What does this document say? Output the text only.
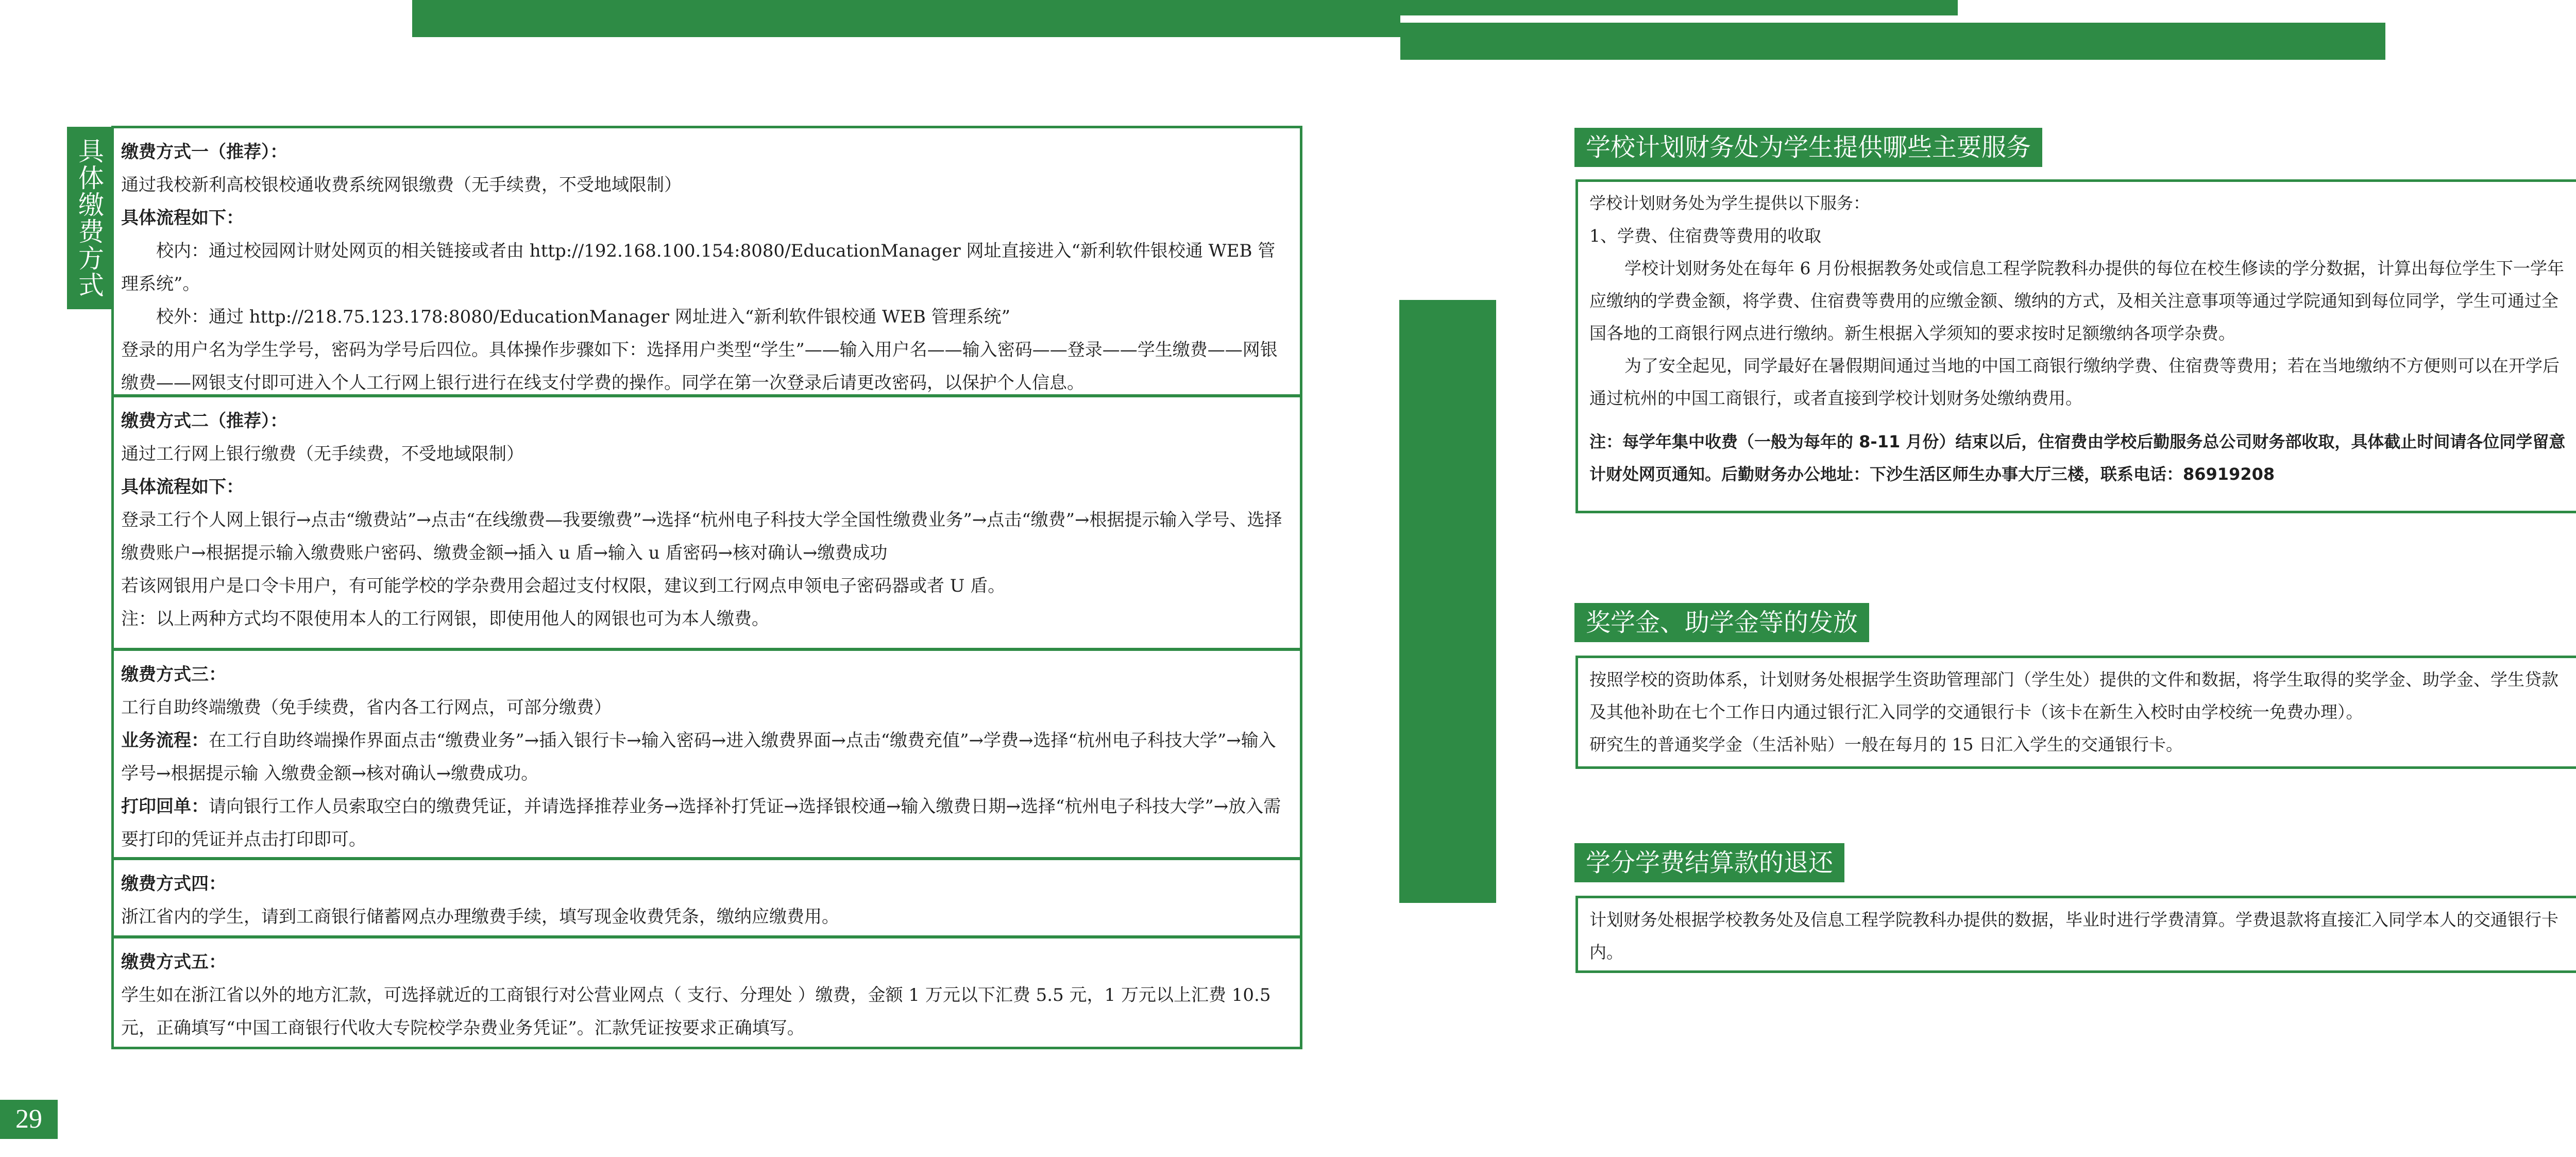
29
具体缴费方式 缴费方式一（推荐）：
通过我校新利高校银校通收费系统网银缴费（无手续费，不受地域限制）
具体流程如下：
校内：通过校园网计财处网页的相关链接或者由 http://192.168.100.154:8080/EducationManager 网址直接进入“新利软件银校通 WEB 管理系统”。
校外：通过 http://218.75.123.178:8080/EducationManager 网址进入“新利软件银校通 WEB 管理系统”
登录的用户名为学生学号，密码为学号后四位。具体操作步骤如下：选择用户类型“学生”——输入用户名——输入密码——登录——学生缴费——网银缴费——网银支付即可进入个人工行网上银行进行在线支付学费的操作。同学在第一次登录后请更改密码，以保护个人信息。
缴费方式二（推荐）：
通过工行网上银行缴费（无手续费，不受地域限制）
具体流程如下：
登录工行个人网上银行→点击“缴费站”→点击“在线缴费—我要缴费”→选择“杭州电子科技大学全国性缴费业务”→点击“缴费”→根据提示输入学号、选择缴费账户→根据提示输入缴费账户密码、缴费金额→插入 u 盾→输入 u 盾密码→核对确认→缴费成功
若该网银用户是口令卡用户，有可能学校的学杂费用会超过支付权限，建议到工行网点申领电子密码器或者 U 盾。
注：以上两种方式均不限使用本人的工行网银，即使用他人的网银也可为本人缴费。
缴费方式三：
工行自助终端缴费（免手续费，省内各工行网点，可部分缴费）
业务流程：在工行自助终端操作界面点击“缴费业务”→插入银行卡→输入密码→进入缴费界面→点击“缴费充值”→学费→选择“杭州电子科技大学”→输入学号→根据提示输 入缴费金额→核对确认→缴费成功。
打印回单：请向银行工作人员索取空白的缴费凭证，并请选择推荐业务→选择补打凭证→选择银校通→输入缴费日期→选择“杭州电子科技大学”→放入需要打印的凭证并点击打印即可。
缴费方式四：
浙江省内的学生，请到工商银行储蓄网点办理缴费手续，填写现金收费凭条，缴纳应缴费用。
缴费方式五：
学生如在浙江省以外的地方汇款，可选择就近的工商银行对公营业网点（ 支行、分理处 ）缴费，金额 1 万元以下汇费 5.5 元，1 万元以上汇费 10.5 元，正确填写“中国工商银行代收大专院校学杂费业务凭证”。汇款凭证按要求正确填写。
学校计划财务处为学生提供哪些主要服务
学校计划财务处为学生提供以下服务：
1、学费、住宿费等费用的收取
学校计划财务处在每年 6 月份根据教务处或信息工程学院教科办提供的每位在校生修读的学分数据，计算出每位学生下一学年应缴纳的学费金额，将学费、住宿费等费用的应缴金额、缴纳的方式，及相关注意事项等通过学院通知到每位同学，学生可通过全国各地的工商银行网点进行缴纳。新生根据入学须知的要求按时足额缴纳各项学杂费。
为了安全起见，同学最好在暑假期间通过当地的中国工商银行缴纳学费、住宿费等费用；若在当地缴纳不方便则可以在开学后通过杭州的中国工商银行，或者直接到学校计划财务处缴纳费用。
注：每学年集中收费（一般为每年的 8-11 月份）结束以后，住宿费由学校后勤服务总公司财务部收取，具体截止时间请各位同学留意计财处网页通知。后勤财务办公地址：下沙生活区师生办事大厅三楼，联系电话：86919208
奖学金、助学金等的发放
按照学校的资助体系，计划财务处根据学生资助管理部门（学生处）提供的文件和数据，将学生取得的奖学金、助学金、学生贷款及其他补助在七个工作日内通过银行汇入同学的交通银行卡（该卡在新生入校时由学校统一免费办理）。
研究生的普通奖学金（生活补贴）一般在每月的 15 日汇入学生的交通银行卡。
学分学费结算款的退还
计划财务处根据学校教务处及信息工程学院教科办提供的数据，毕业时进行学费清算。学费退款将直接汇入同学本人的交通银行卡内。
